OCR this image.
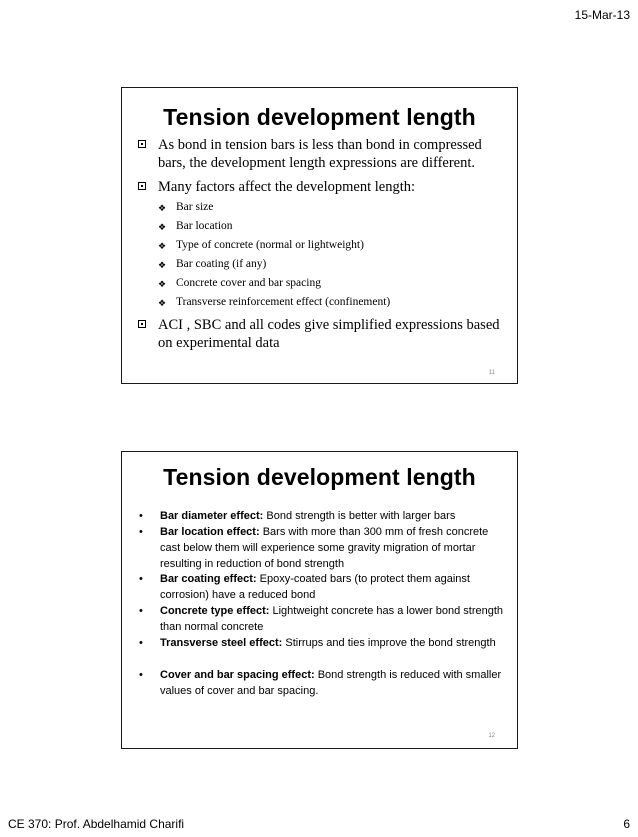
15-Mar-13
Tension development length
As bond in tension bars is less than bond in compressed bars, the development length expressions are different.
Many factors affect the development length:
❖ Bar size
❖ Bar location
❖ Type of concrete (normal or lightweight)
❖ Bar coating (if any)
❖ Concrete cover and bar spacing
❖ Transverse reinforcement effect (confinement)
ACI , SBC and all codes give simplified expressions based on experimental data
11
Tension development length
• Bar diameter effect: Bond strength is better with larger bars
• Bar location effect: Bars with more than 300 mm of fresh concrete cast below them will experience some gravity migration of mortar resulting in reduction of bond strength
• Bar coating effect: Epoxy-coated bars (to protect them against corrosion) have a reduced bond
• Concrete type effect: Lightweight concrete has a lower bond strength than normal concrete
• Transverse steel effect: Stirrups and ties improve the bond strength
• Cover and bar spacing effect: Bond strength is reduced with smaller values of cover and bar spacing.
12
CE 370: Prof. Abdelhamid Charifi	6
